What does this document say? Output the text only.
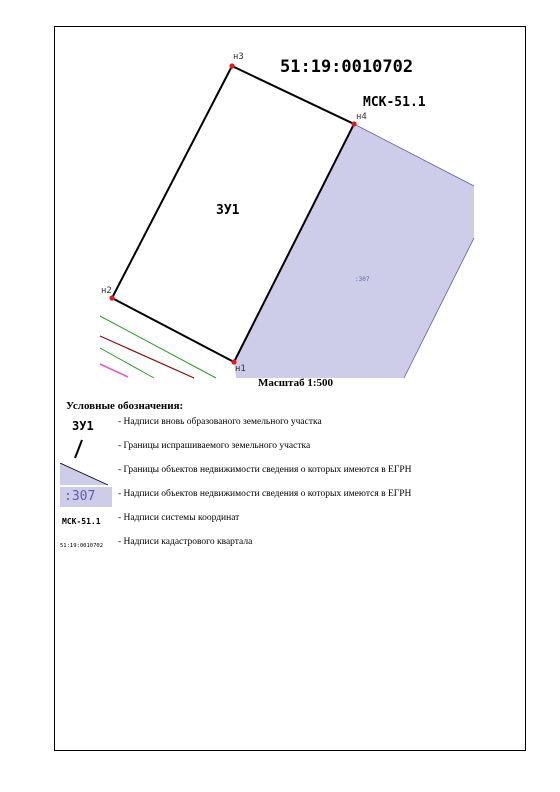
н1
н2
н3
н4
51:19:0010702
МСК-51.1
ЗУ1
:307
Масштаб 1:500
Условные обозначения:
ЗУ1
:307
МСК-51.1
51:19:0010702
- Надписи вновь образованого земельного участка
- Границы испрашиваемого земельного участка
- Границы объектов недвижимости сведения о которых имеются в ЕГРН
- Надписи объектов недвижимости сведения о которых имеются в ЕГРН
- Надписи системы координат
- Надписи кадастрового квартала
